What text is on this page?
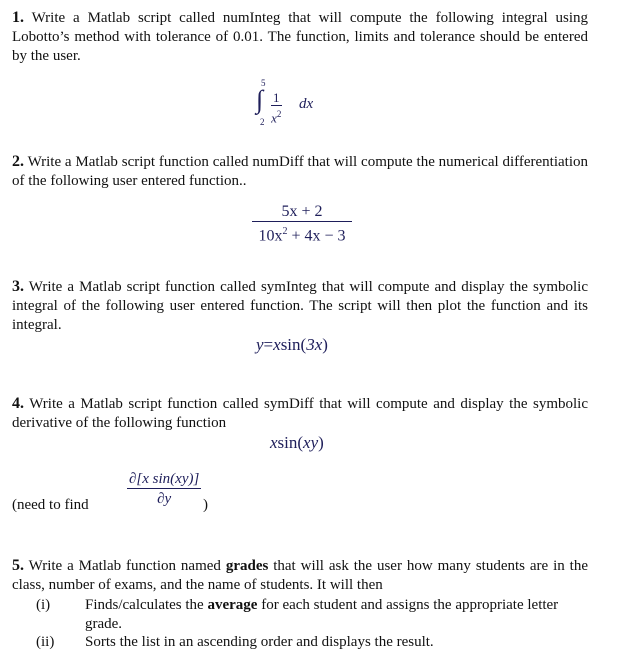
1. Write a Matlab script called numInteg that will compute the following integral using Lobotto’s method with tolerance of 0.01. The function, limits and tolerance should be entered by the user.
5
∫
$2 \frac{1}{x^2}$ dx
2. Write a Matlab script function called numDiff that will compute the numerical differentiation of the following user entered function..
$\frac{5x + 2}{10x^2 + 4x - 3}$
3. Write a Matlab script function called symInteg that will compute and display the symbolic integral of the following user entered function. The script will then plot the function and its integral.
y=xsin(3x)
4. Write a Matlab script function called symDiff that will compute and display the symbolic derivative of the following function
xsin(xy)
(need to find	$\frac{\text{∂[x sin(xy)]}}{\partial y}$ )
5. Write a Matlab function named grades that will ask the user how many students are in the class, number of exams, and the name of students. It will then
(i) Finds/calculates the average for each student and assigns the appropriate letter grade.
(ii) Sorts the list in an ascending order and displays the result.
